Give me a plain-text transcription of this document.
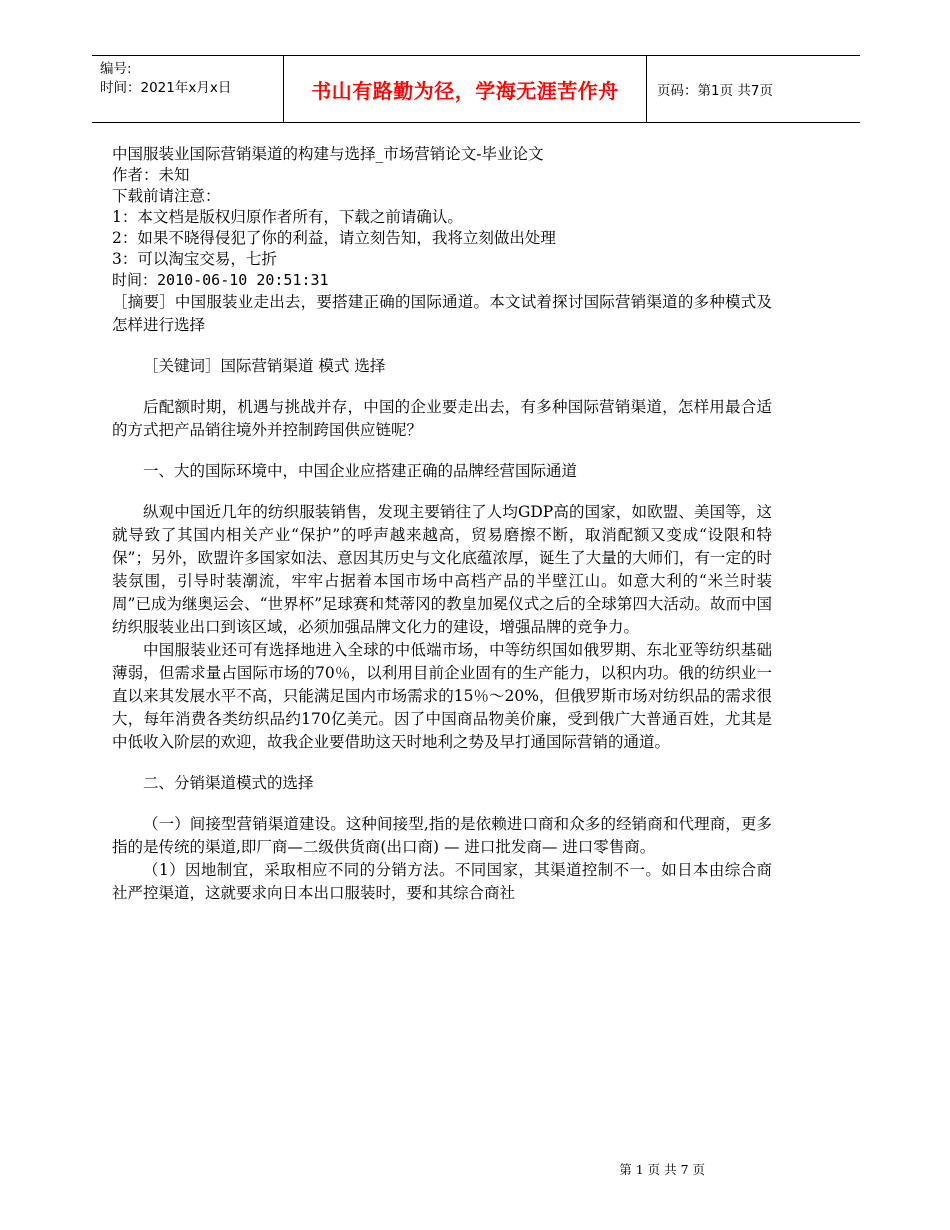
编号:
时间：2021年x月x日	书山有路勤为径，学海无涯苦作舟	页码：第1页 共7页
中国服装业国际营销渠道的构建与选择_市场营销论文-毕业论文
作者：未知
下载前请注意：
1：本文档是版权归原作者所有，下载之前请确认。
2：如果不晓得侵犯了你的利益，请立刻告知，我将立刻做出处理
3：可以淘宝交易，七折
时间：2010-06-10 20:51:31
［摘要］中国服装业走出去，要搭建正确的国际通道。本文试着探讨国际营销渠道的多种模式及怎样进行选择
［关键词］国际营销渠道 模式 选择
后配额时期，机遇与挑战并存，中国的企业要走出去，有多种国际营销渠道，怎样用最合适的方式把产品销往境外并控制跨国供应链呢？
一、大的国际环境中，中国企业应搭建正确的品牌经营国际通道
纵观中国近几年的纺织服装销售，发现主要销往了人均GDP高的国家，如欧盟、美国等，这就导致了其国内相关产业“保护”的呼声越来越高，贸易磨擦不断，取消配额又变成“设限和特保”；另外，欧盟许多国家如法、意因其历史与文化底蕴浓厚，诞生了大量的大师们，有一定的时装氛围，引导时装潮流，牢牢占据着本国市场中高档产品的半壁江山。如意大利的“米兰时装周”已成为继奥运会、“世界杯”足球赛和梵蒂冈的教皇加冕仪式之后的全球第四大活动。故而中国纺织服装业出口到该区域，必须加强品牌文化力的建设，增强品牌的竞争力。
中国服装业还可有选择地进入全球的中低端市场，中等纺织国如俄罗期、东北亚等纺织基础薄弱，但需求量占国际市场的70％，以利用目前企业固有的生产能力，以积内功。俄的纺织业一直以来其发展水平不高，只能满足国内市场需求的15％～20%，但俄罗斯市场对纺织品的需求很大，每年消费各类纺织品约170亿美元。因了中国商品物美价廉，受到俄广大普通百姓，尤其是中低收入阶层的欢迎，故我企业要借助这天时地利之势及早打通国际营销的通道。
二、分销渠道模式的选择
（一）间接型营销渠道建设。这种间接型,指的是依赖进口商和众多的经销商和代理商，更多指的是传统的渠道,即厂商—二级供货商(出口商) — 进口批发商— 进口零售商。
（1）因地制宜，采取相应不同的分销方法。不同国家，其渠道控制不一。如日本由综合商社严控渠道，这就要求向日本出口服装时，要和其综合商社
第 1 页 共 7 页
